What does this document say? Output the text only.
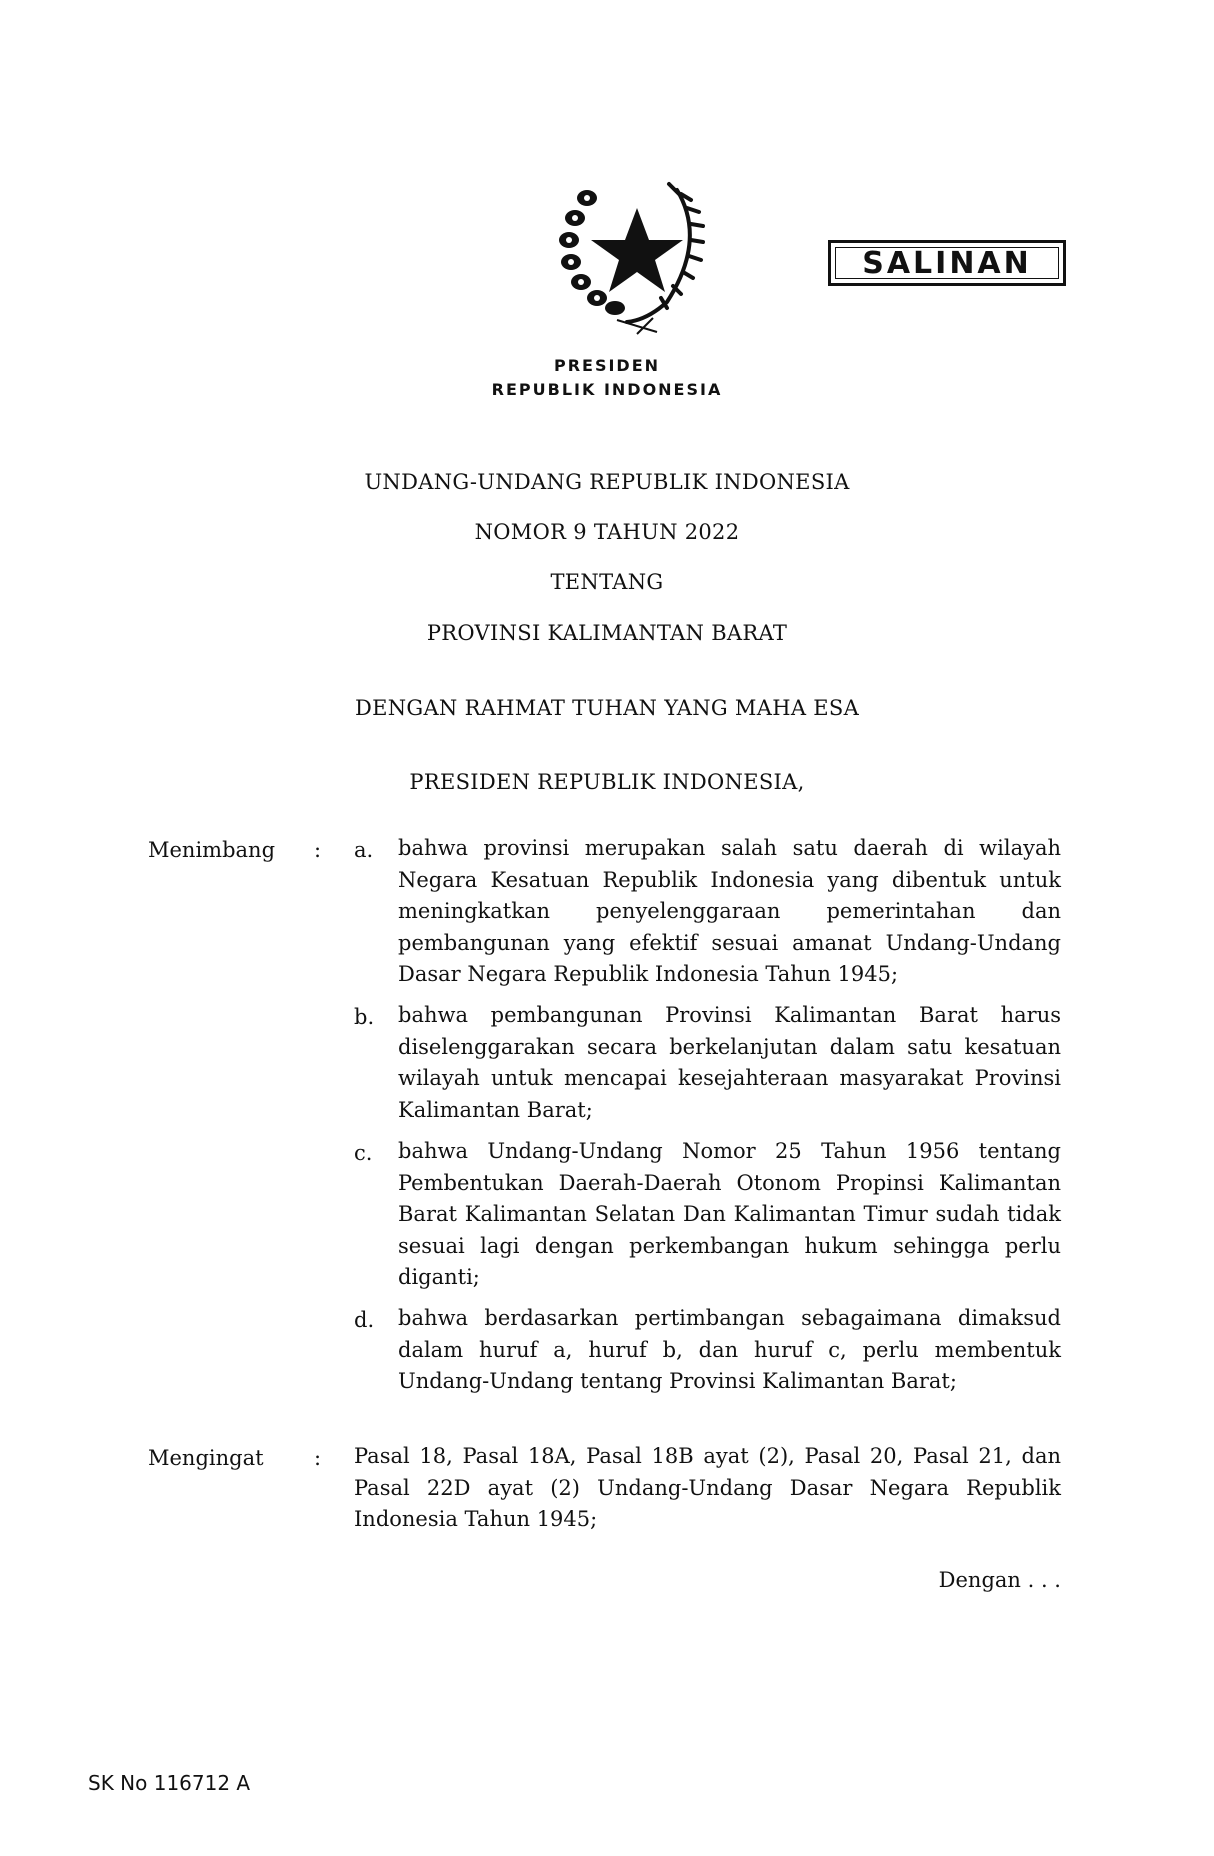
SALINAN
PRESIDEN
REPUBLIK INDONESIA
UNDANG-UNDANG REPUBLIK INDONESIA
NOMOR 9 TAHUN 2022
TENTANG
PROVINSI KALIMANTAN BARAT
DENGAN RAHMAT TUHAN YANG MAHA ESA
PRESIDEN REPUBLIK INDONESIA,
Menimbang : a. bahwa provinsi merupakan salah satu daerah di wilayah Negara Kesatuan Republik Indonesia yang dibentuk untuk meningkatkan penyelenggaraan pemerintahan dan pembangunan yang efektif sesuai amanat Undang-Undang Dasar Negara Republik Indonesia Tahun 1945;
b. bahwa pembangunan Provinsi Kalimantan Barat harus diselenggarakan secara berkelanjutan dalam satu kesatuan wilayah untuk mencapai kesejahteraan masyarakat Provinsi Kalimantan Barat;
c. bahwa Undang-Undang Nomor 25 Tahun 1956 tentang Pembentukan Daerah-Daerah Otonom Propinsi Kalimantan Barat Kalimantan Selatan Dan Kalimantan Timur sudah tidak sesuai lagi dengan perkembangan hukum sehingga perlu diganti;
d. bahwa berdasarkan pertimbangan sebagaimana dimaksud dalam huruf a, huruf b, dan huruf c, perlu membentuk Undang-Undang tentang Provinsi Kalimantan Barat;
Mengingat : Pasal 18, Pasal 18A, Pasal 18B ayat (2), Pasal 20, Pasal 21, dan Pasal 22D ayat (2) Undang-Undang Dasar Negara Republik Indonesia Tahun 1945;
Dengan . . .
SK No 116712 A
